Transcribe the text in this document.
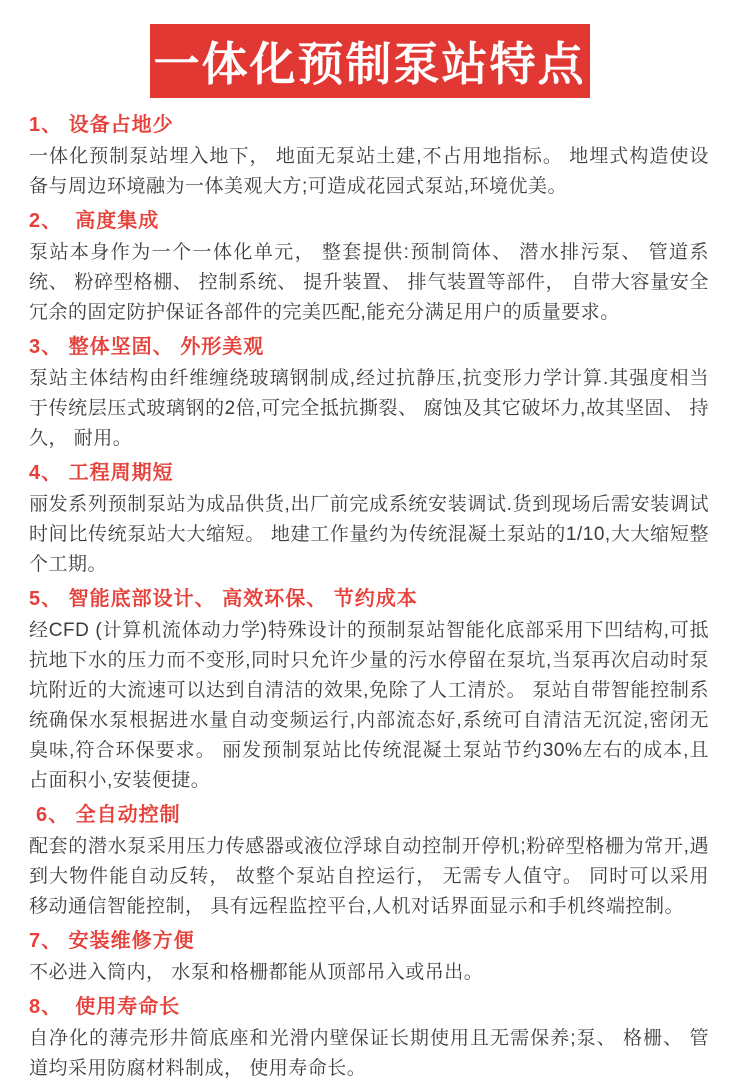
一体化预制泵站特点
1、 设备占地少

一体化预制泵站埋入地下， 地面无泵站土建,不占用地指标。 地埋式构造使设备与周边环境融为一体美观大方;可造成花园式泵站,环境优美。

2、  高度集成

泵站本身作为一个一体化单元， 整套提供:预制筒体、 潜水排污泵、 管道系统、 粉碎型格棚、 控制系统、 提升装置、 排气装置等部件， 自带大容量安全冗余的固定防护保证各部件的完美匹配,能充分满足用户的质量要求。

3、 整体坚固、 外形美观

泵站主体结构由纤维缠绕玻璃钢制成,经过抗静压,抗变形力学计算.其强度相当于传统层压式玻璃钢的2倍,可完全抵抗撕裂、 腐蚀及其它破坏力,故其坚固、 持久， 耐用。

4、 工程周期短

丽发系列预制泵站为成品供货,出厂前完成系统安装调试.货到现场后需安装调试时间比传统泵站大大缩短。 地建工作量约为传统混凝土泵站的1/10,大大缩短整个工期。

5、 智能底部设计、 高效环保、 节约成本

经CFD (计算机流体动力学)特殊设计的预制泵站智能化底部采用下凹结构,可抵抗地下水的压力而不变形,同时只允许少量的污水停留在泵坑,当泵再次启动时泵坑附近的大流速可以达到自清洁的效果,免除了人工清於。 泵站自带智能控制系统确保水泵根据进水量自动变频运行,内部流态好,系统可自清洁无沉淀,密闭无臭味,符合环保要求。 丽发预制泵站比传统混凝土泵站节约30%左右的成本,且占面积小,安装便捷。

6、 全自动控制

配套的潜水泵采用压力传感器或液位浮球自动控制开停机;粉碎型格栅为常开,遇到大物件能自动反转， 故整个泵站自控运行， 无需专人值守。 同时可以采用移动通信智能控制， 具有远程监控平台,人机对话界面显示和手机终端控制。

7、 安装维修方便

不必进入筒内， 水泵和格栅都能从顶部吊入或吊出。

8、  使用寿命长

自净化的薄壳形井简底座和光滑内壁保证长期使用且无需保养;泵、 格栅、 管道均采用防腐材料制成， 使用寿命长。
